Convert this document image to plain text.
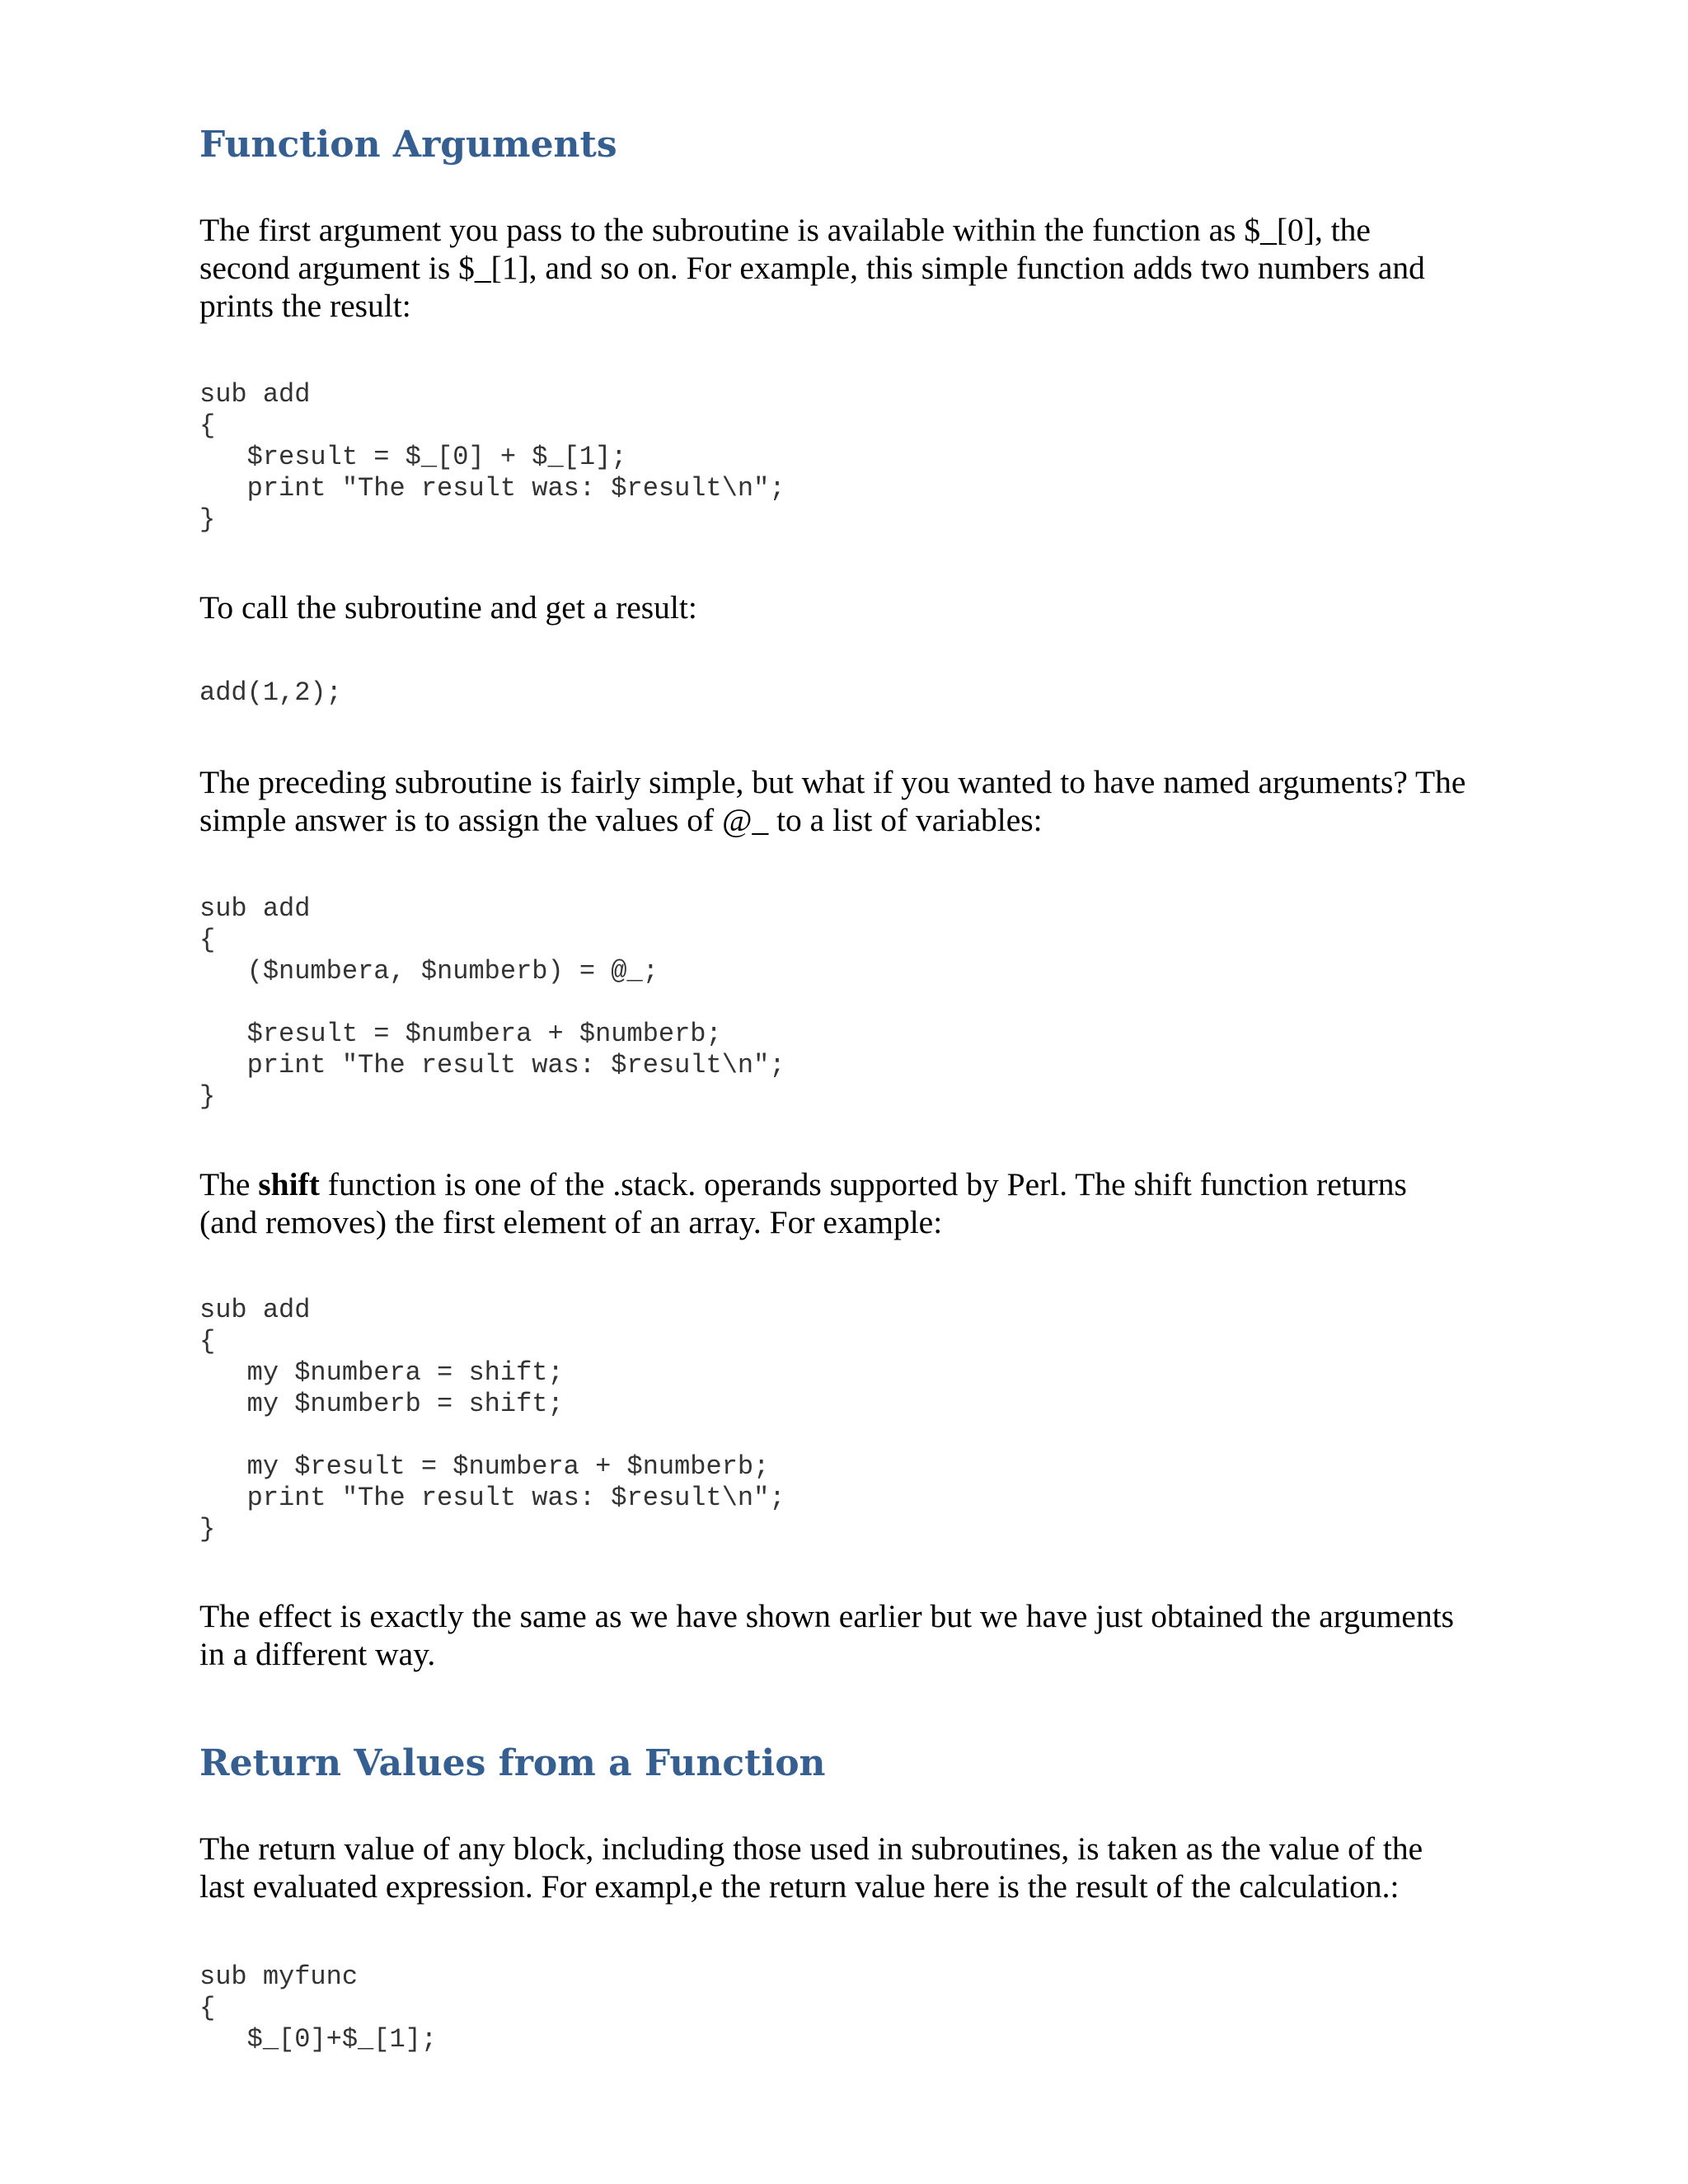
Function Arguments

The first argument you pass to the subroutine is available within the function as $_[0], the
second argument is $_[1], and so on. For example, this simple function adds two numbers and
prints the result:

sub add
{
$result = $_[0] + $_[1];
print "The result was: $result\n";
}

To call the subroutine and get a result:

add(1,2);

The preceding subroutine is fairly simple, but what if you wanted to have named arguments? The
simple answer is to assign the values of @_ to a list of variables:

sub add
{
($numbera, $numberb) = @_;

$result = $numbera + $numberb;
print "The result was: $result\n";
}

The shift function is one of the .stack. operands supported by Perl. The shift function returns
(and removes) the first element of an array. For example:

sub add
{
my $numbera = shift;
my $numberb = shift;

my $result = $numbera + $numberb;
print "The result was: $result\n";
}

The effect is exactly the same as we have shown earlier but we have just obtained the arguments
in a different way.

Return Values from a Function

The return value of any block, including those used in subroutines, is taken as the value of the
last evaluated expression. For exampl,e the return value here is the result of the calculation.:

sub myfunc
{
$_[0]+$_[1];
